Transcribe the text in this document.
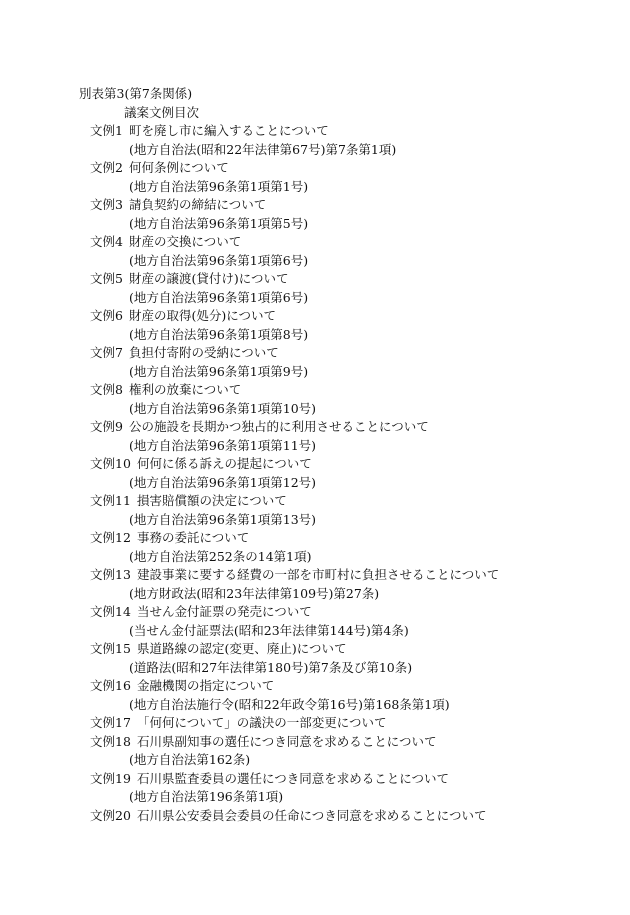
別表第3(第7条関係)
議案文例目次
文例1 町を廃し市に編入することについて
(地方自治法(昭和22年法律第67号)第7条第1項)
文例2 何何条例について
(地方自治法第96条第1項第1号)
文例3 請負契約の締結について
(地方自治法第96条第1項第5号)
文例4 財産の交換について
(地方自治法第96条第1項第6号)
文例5 財産の譲渡(貸付け)について
(地方自治法第96条第1項第6号)
文例6 財産の取得(処分)について
(地方自治法第96条第1項第8号)
文例7 負担付寄附の受納について
(地方自治法第96条第1項第9号)
文例8 権利の放棄について
(地方自治法第96条第1項第10号)
文例9 公の施設を長期かつ独占的に利用させることについて
(地方自治法第96条第1項第11号)
文例10 何何に係る訴えの提起について
(地方自治法第96条第1項第12号)
文例11 損害賠償額の決定について
(地方自治法第96条第1項第13号)
文例12 事務の委託について
(地方自治法第252条の14第1項)
文例13 建設事業に要する経費の一部を市町村に負担させることについて
(地方財政法(昭和23年法律第109号)第27条)
文例14 当せん金付証票の発売について
(当せん金付証票法(昭和23年法律第144号)第4条)
文例15 県道路線の認定(変更、廃止)について
(道路法(昭和27年法律第180号)第7条及び第10条)
文例16 金融機関の指定について
(地方自治法施行令(昭和22年政令第16号)第168条第1項)
文例17 「何何について」の議決の一部変更について
文例18 石川県副知事の選任につき同意を求めることについて
(地方自治法第162条)
文例19 石川県監査委員の選任につき同意を求めることについて
(地方自治法第196条第1項)
文例20 石川県公安委員会委員の任命につき同意を求めることについて
